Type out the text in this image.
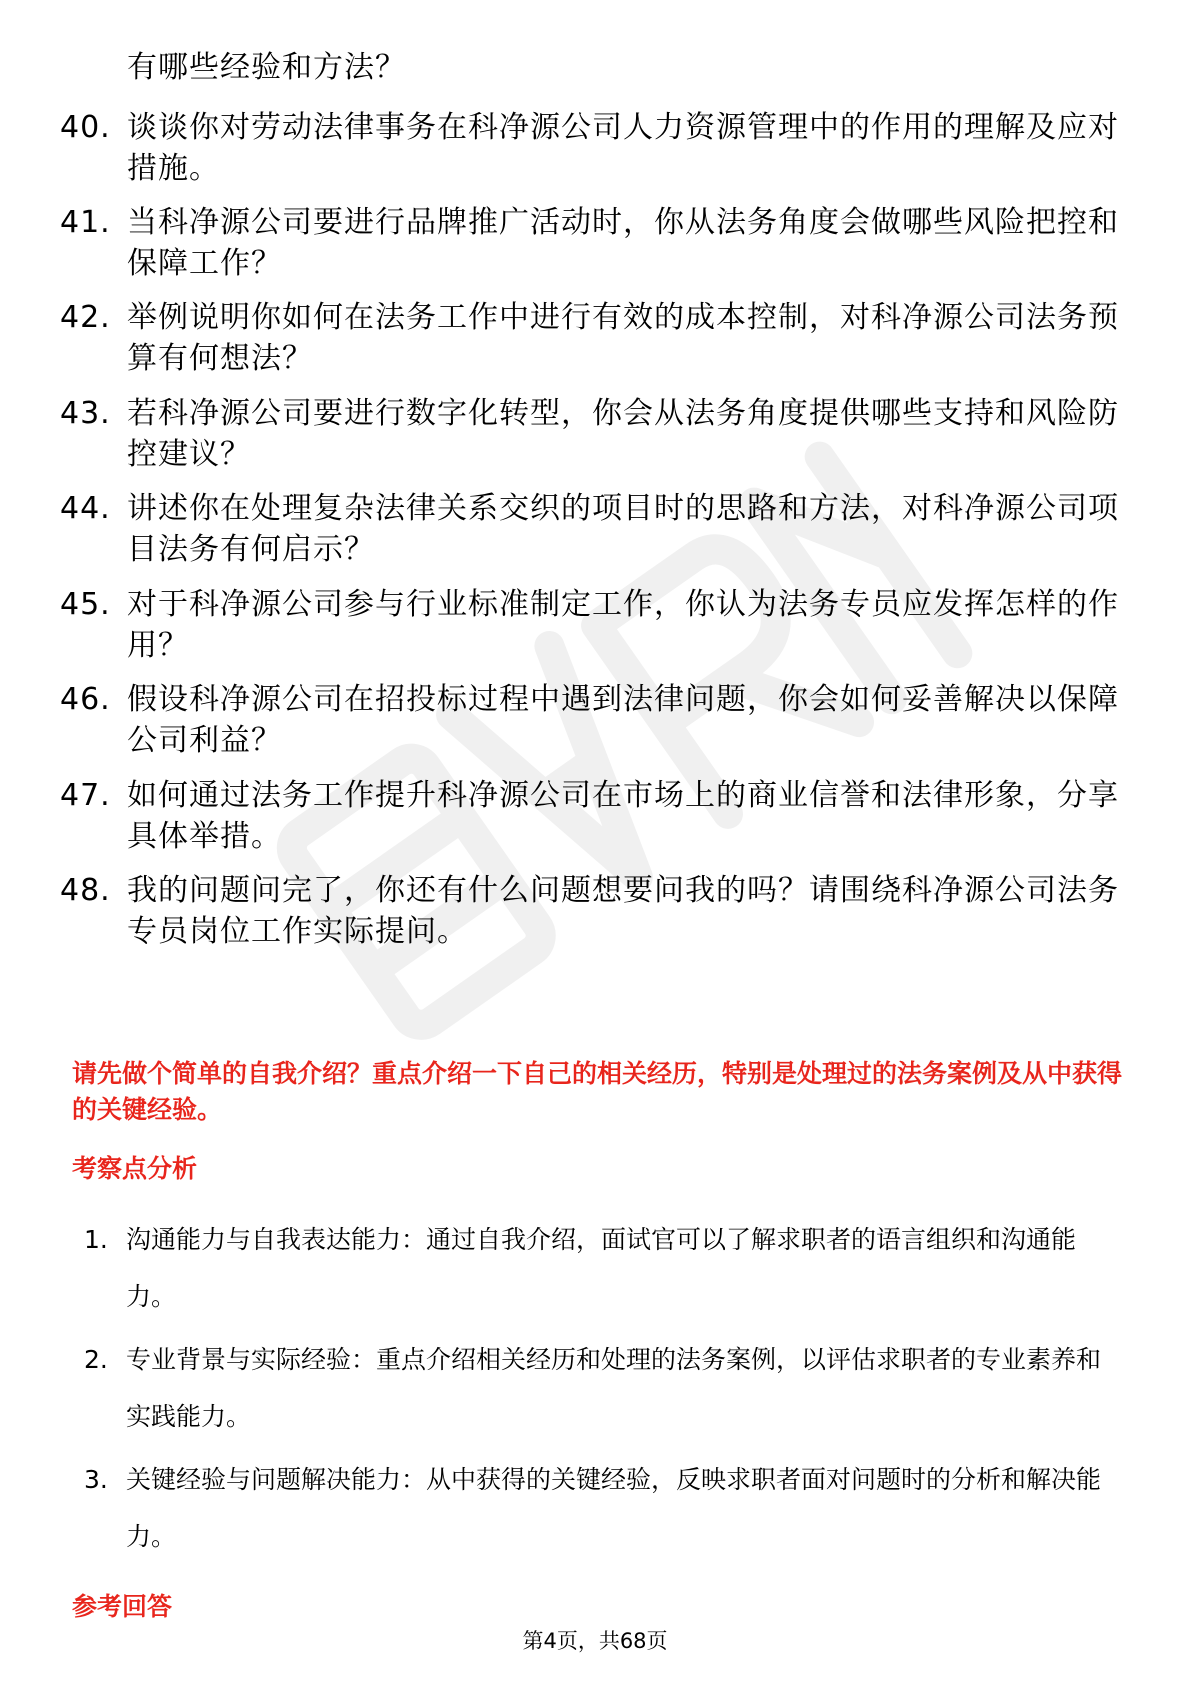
有哪些经验和方法？
40. 谈谈你对劳动法律事务在科净源公司人力资源管理中的作用的理解及应对措施。
41. 当科净源公司要进行品牌推广活动时，你从法务角度会做哪些风险把控和保障工作？
42. 举例说明你如何在法务工作中进行有效的成本控制，对科净源公司法务预算有何想法？
43. 若科净源公司要进行数字化转型，你会从法务角度提供哪些支持和风险防控建议？
44. 讲述你在处理复杂法律关系交织的项目时的思路和方法，对科净源公司项目法务有何启示？
45. 对于科净源公司参与行业标准制定工作，你认为法务专员应发挥怎样的作用？
46. 假设科净源公司在招投标过程中遇到法律问题，你会如何妥善解决以保障公司利益？
47. 如何通过法务工作提升科净源公司在市场上的商业信誉和法律形象，分享具体举措。
48. 我的问题问完了，你还有什么问题想要问我的吗？请围绕科净源公司法务专员岗位工作实际提问。
请先做个简单的自我介绍？重点介绍一下自己的相关经历，特别是处理过的法务案例及从中获得的关键经验。
考察点分析
1. 沟通能力与自我表达能力：通过自我介绍，面试官可以了解求职者的语言组织和沟通能力。
2. 专业背景与实际经验：重点介绍相关经历和处理的法务案例，以评估求职者的专业素养和实践能力。
3. 关键经验与问题解决能力：从中获得的关键经验，反映求职者面对问题时的分析和解决能力。
参考回答
第4页，共68页
